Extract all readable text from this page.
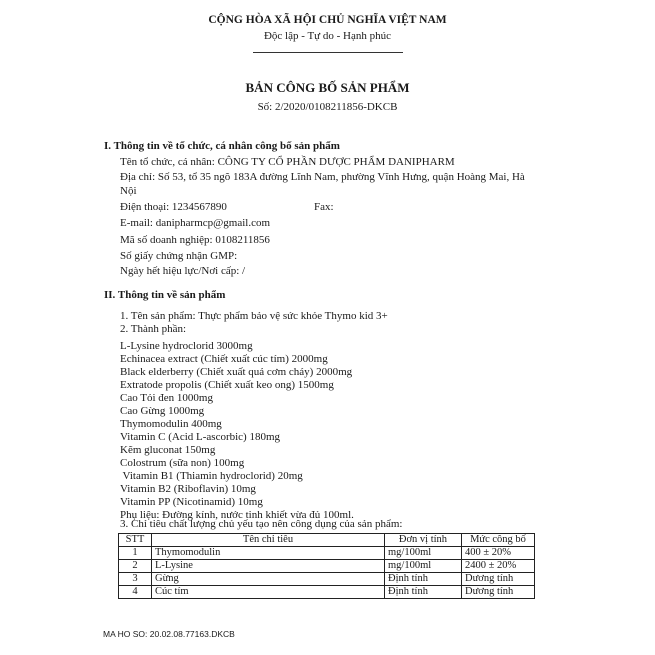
CỘNG HÒA XÃ HỘI CHỦ NGHĨA VIỆT NAM
Độc lập - Tự do - Hạnh phúc
BẢN CÔNG BỐ SẢN PHẨM
Số: 2/2020/0108211856-DKCB
I. Thông tin về tổ chức, cá nhân công bố sản phẩm
Tên tổ chức, cá nhân: CÔNG TY CỔ PHẦN DƯỢC PHẨM DANIPHARM
Địa chỉ: Số 53, tổ 35 ngõ 183A đường Lĩnh Nam, phường Vĩnh Hưng, quận Hoàng Mai, Hà
Nội
Điện thoại: 1234567890	Fax:
E-mail: danipharmcp@gmail.com
Mã số doanh nghiệp: 0108211856
Số giấy chứng nhận GMP:
Ngày hết hiệu lực/Nơi cấp: /
II. Thông tin về sản phẩm
1. Tên sản phẩm: Thực phẩm bảo vệ sức khỏe Thymo kid 3+
2. Thành phần:
L-Lysine hydroclorid 3000mg
Echinacea extract (Chiết xuất cúc tím) 2000mg
Black elderberry (Chiết xuất quả cơm cháy) 2000mg
Extratode propolis (Chiết xuất keo ong) 1500mg
Cao Tỏi đen 1000mg
Cao Gừng 1000mg
Thymomodulin 400mg
Vitamin C (Acid L-ascorbic) 180mg
Kẽm gluconat 150mg
Colostrum (sữa non) 100mg
Vitamin B1 (Thiamin hydroclorid) 20mg
Vitamin B2 (Riboflavin) 10mg
Vitamin PP (Nicotinamid) 10mg
Phụ liệu: Đường kính, nước tinh khiết vừa đủ 100ml.
3. Chỉ tiêu chất lượng chủ yếu tạo nên công dụng của sản phẩm:
STT	Tên chỉ tiêu	Đơn vị tính	Mức công bố
1	Thymomodulin	mg/100ml	400 ± 20%
2	L-Lysine	mg/100ml	2400 ± 20%
3	Gừng	Định tính	Dương tính
4	Cúc tím	Định tính	Dương tính
MA HO SO: 20.02.08.77163.DKCB
